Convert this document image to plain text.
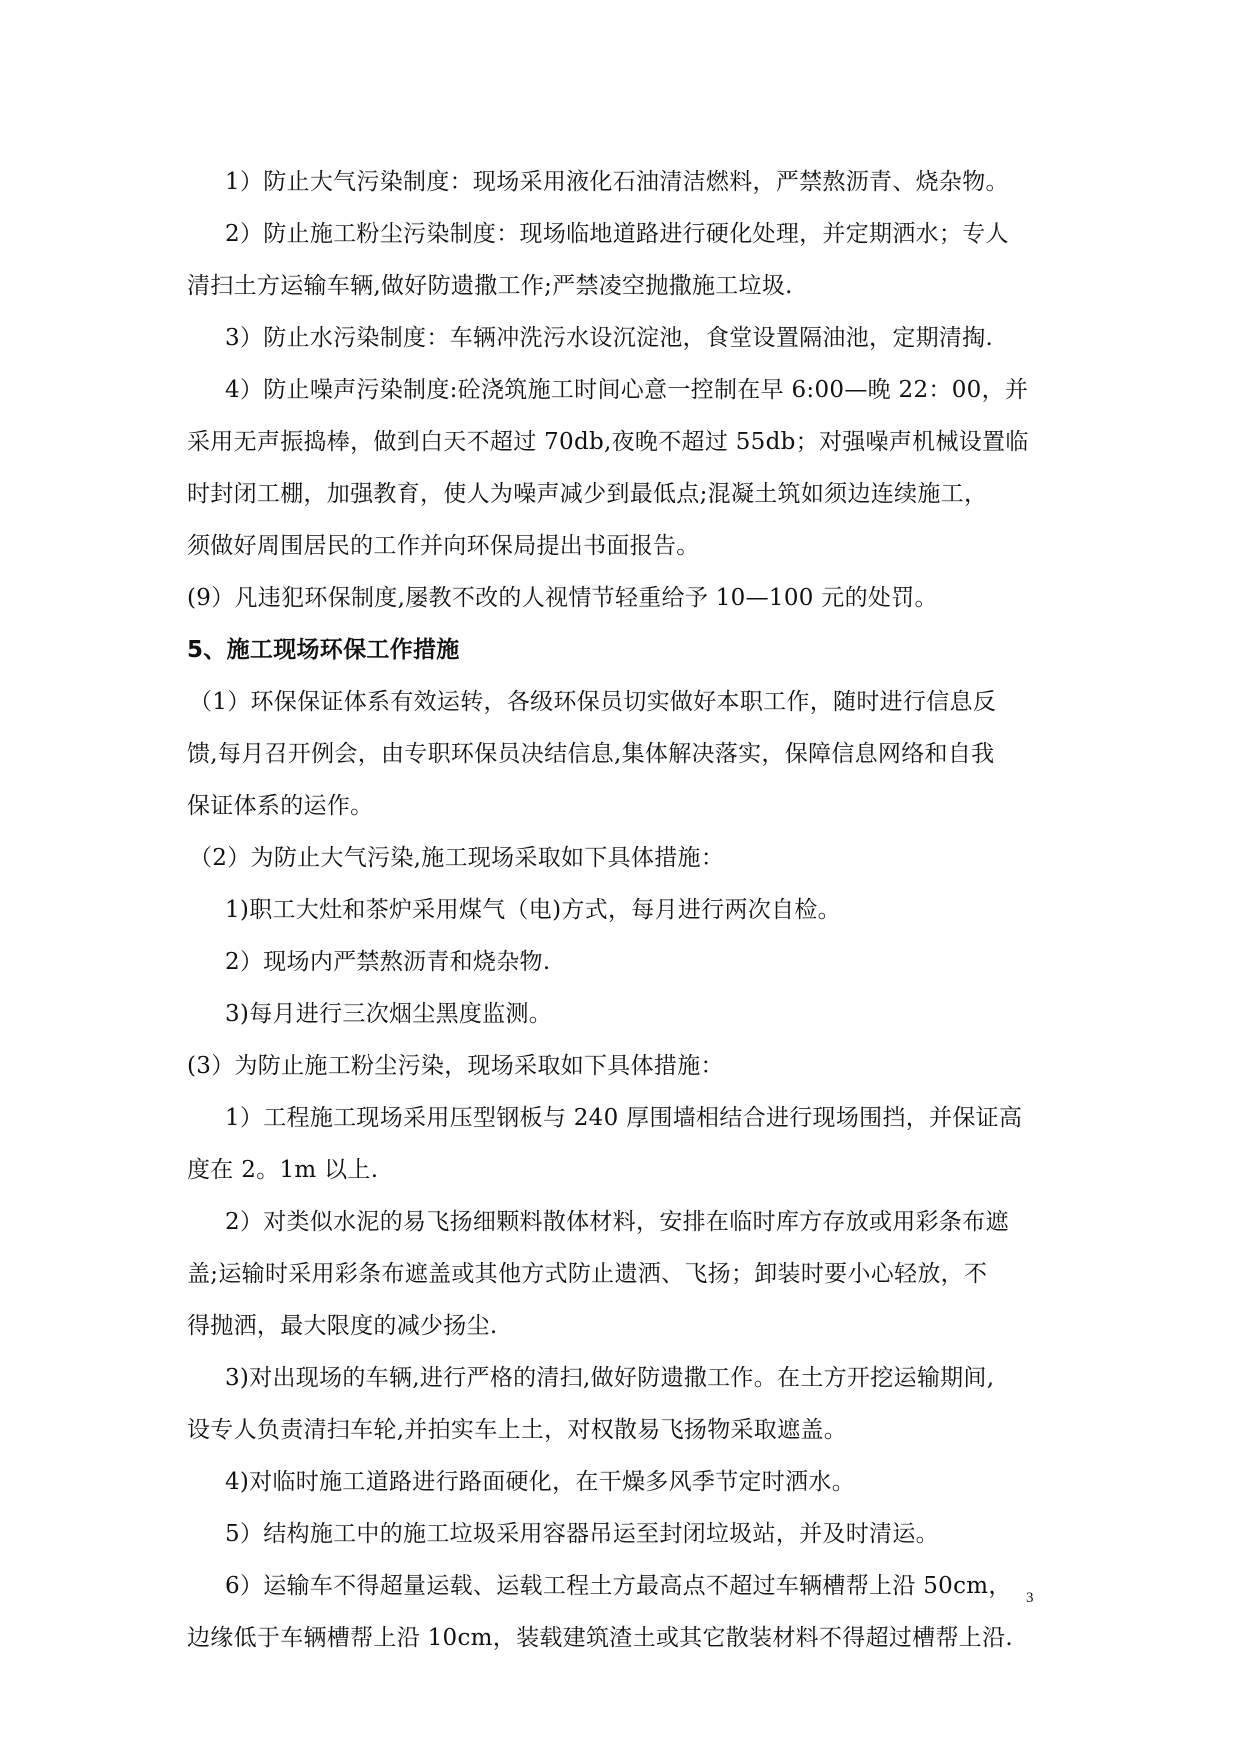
1）防止大气污染制度：现场采用液化石油清洁燃料，严禁熬沥青、烧杂物。
2）防止施工粉尘污染制度：现场临地道路进行硬化处理，并定期洒水；专人
清扫土方运输车辆,做好防遗撒工作;严禁凌空抛撒施工垃圾.
3）防止水污染制度：车辆冲洗污水设沉淀池，食堂设置隔油池，定期清掏.
4）防止噪声污染制度:砼浇筑施工时间心意一控制在早 6:00—晚 22：00，并
采用无声振捣棒，做到白天不超过 70db,夜晚不超过 55db；对强噪声机械设置临
时封闭工棚，加强教育，使人为噪声减少到最低点;混凝土筑如须边连续施工，
须做好周围居民的工作并向环保局提出书面报告。
(9）凡违犯环保制度,屡教不改的人视情节轻重给予 10—100 元的处罚。
5、施工现场环保工作措施
（1）环保保证体系有效运转，各级环保员切实做好本职工作，随时进行信息反
馈,每月召开例会，由专职环保员决结信息,集体解决落实，保障信息网络和自我
保证体系的运作。
（2）为防止大气污染,施工现场采取如下具体措施：
1)职工大灶和茶炉采用煤气（电)方式，每月进行两次自检。
2）现场内严禁熬沥青和烧杂物.
3)每月进行三次烟尘黑度监测。
(3）为防止施工粉尘污染，现场采取如下具体措施：
1）工程施工现场采用压型钢板与 240 厚围墙相结合进行现场围挡，并保证高
度在 2。1m 以上.
2）对类似水泥的易飞扬细颗料散体材料，安排在临时库方存放或用彩条布遮
盖;运输时采用彩条布遮盖或其他方式防止遗洒、飞扬；卸装时要小心轻放，不
得抛洒，最大限度的减少扬尘.
3)对出现场的车辆,进行严格的清扫,做好防遗撒工作。在土方开挖运输期间,
设专人负责清扫车轮,并拍实车上土，对权散易飞扬物采取遮盖。
4)对临时施工道路进行路面硬化，在干燥多风季节定时洒水。
5）结构施工中的施工垃圾采用容器吊运至封闭垃圾站，并及时清运。
6）运输车不得超量运载、运载工程土方最高点不超过车辆槽帮上沿 50cm，
边缘低于车辆槽帮上沿 10cm，装载建筑渣土或其它散装材料不得超过槽帮上沿.
3
